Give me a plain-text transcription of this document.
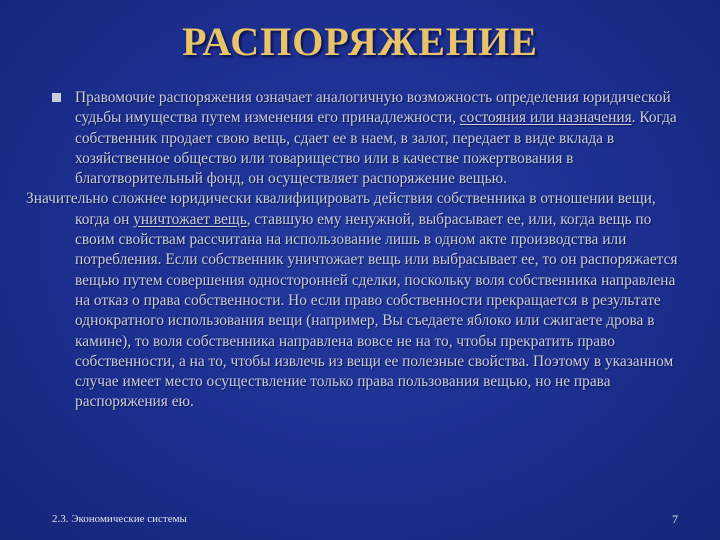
РАСПОРЯЖЕНИЕ
Правомочие распоряжения означает аналогичную возможность определения юридической судьбы имущества путем изменения его принадлежности, состояния или назначения. Когда собственник продает свою вещь, сдает ее в наем, в залог, передает в виде вклада в хозяйственное общество или товарищество или в качестве пожертвования в благотворительный фонд, он осуществляет распоряжение вещью.
Значительно сложнее юридически квалифицировать действия собственника в отношении вещи, когда он уничтожает вещь, ставшую ему ненужной, выбрасывает ее, или, когда вещь по своим свойствам рассчитана на использование лишь в одном акте производства или потребления. Если собственник уничтожает вещь или выбрасывает ее, то он распоряжается вещью путем совершения односторонней сделки, поскольку воля собственника направлена на отказ о права собственности. Но если право собственности прекращается в результате однократного использования вещи (например, Вы съедаете яблоко или сжигаете дрова в камине), то воля собственника направлена вовсе не на то, чтобы прекратить право собственности, а на то, чтобы извлечь из вещи ее полезные свойства. Поэтому в указанном случае имеет место осуществление только права пользования вещью, но не права распоряжения ею.
2.3. Экономические системы	7
